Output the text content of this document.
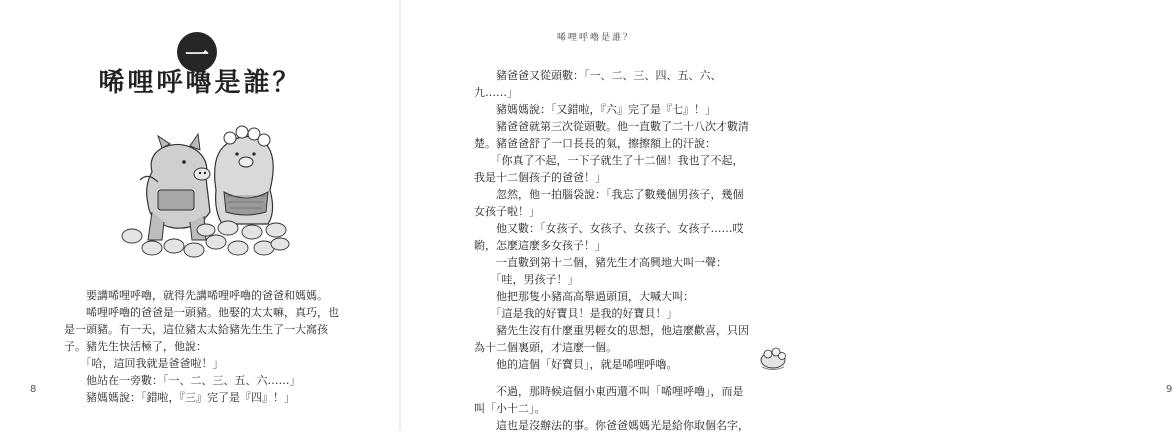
一
唏哩呼嚕是誰？

　　要講唏哩呼嚕，就得先講唏哩呼嚕的爸爸和媽媽。

　　唏哩呼嚕的爸爸是一頭豬。他娶的太太嘛，真巧，也

是一頭豬。有一天，這位豬太太給豬先生生了一大窩孩

子。豬先生快活極了，他說：

　　「哈，這回我就是爸爸啦！」

　　他站在一旁數：「一、二、三、五、六……」

　　豬媽媽說：「錯啦，『三』完了是『四』！」

8	9
唏哩呼嚕是誰？

　　豬爸爸又從頭數：「一、二、三、四、五、六、

九……」

　　豬媽媽說：「又錯啦，『六』完了是『七』！」

　　豬爸爸就第三次從頭數。他一直數了二十八次才數清

楚。豬爸爸舒了一口長長的氣，擦擦額上的汗說：

　　「你真了不起，一下子就生了十二個！我也了不起，

我是十二個孩子的爸爸！」

　　忽然，他一拍腦袋說：「我忘了數幾個男孩子，幾個

女孩子啦！」

　　他又數：「女孩子、女孩子、女孩子、女孩子……哎

喲，怎麼這麼多女孩子！」

　　一直數到第十二個，豬先生才高興地大叫一聲：

　　「哇，男孩子！」

　　他把那隻小豬高高舉過頭頂，大喊大叫：

　　「這是我的好寶貝！是我的好寶貝！」

　　豬先生沒有什麼重男輕女的思想，他這麼歡喜，只因

為十二個裏頭，才這麼一個。

　　他的這個「好寶貝」，就是唏哩呼嚕。

　　不過，那時候這個小東西還不叫「唏哩呼嚕」，而是

叫「小十二」。

　　這也是沒辦法的事。你爸爸媽媽光是給你取個名字，
